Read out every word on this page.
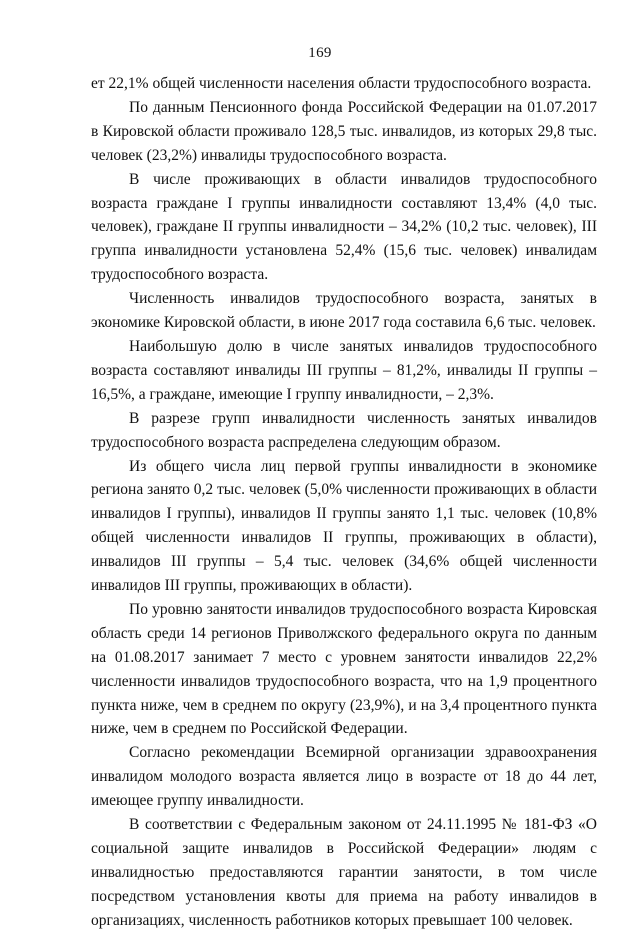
169

ет 22,1% общей численности населения области трудоспособного возраста.

По данным Пенсионного фонда Российской Федерации на 01.07.2017 в Кировской области проживало 128,5 тыс. инвалидов, из которых 29,8 тыс. человек (23,2%) инвалиды трудоспособного возраста.

В числе проживающих в области инвалидов трудоспособного возраста граждане I группы инвалидности составляют 13,4% (4,0 тыс. человек), граждане II группы инвалидности – 34,2% (10,2 тыс. человек), III группа инвалидности установлена 52,4% (15,6 тыс. человек) инвалидам трудоспособного возраста.

Численность инвалидов трудоспособного возраста, занятых в экономике Кировской области, в июне 2017 года составила 6,6 тыс. человек.

Наибольшую долю в числе занятых инвалидов трудоспособного возраста составляют инвалиды III группы – 81,2%, инвалиды II группы – 16,5%, а граждане, имеющие I группу инвалидности, – 2,3%.

В разрезе групп инвалидности численность занятых инвалидов трудоспособного возраста распределена следующим образом.

Из общего числа лиц первой группы инвалидности в экономике региона занято 0,2 тыс. человек (5,0% численности проживающих в области инвалидов I группы), инвалидов II группы занято 1,1 тыс. человек (10,8% общей численности инвалидов II группы, проживающих в области), инвалидов III группы – 5,4 тыс. человек (34,6% общей численности инвалидов III группы, проживающих в области).

По уровню занятости инвалидов трудоспособного возраста Кировская область среди 14 регионов Приволжского федерального округа по данным на 01.08.2017 занимает 7 место с уровнем занятости инвалидов 22,2% численности инвалидов трудоспособного возраста, что на 1,9 процентного пункта ниже, чем в среднем по округу (23,9%), и на 3,4 процентного пункта ниже, чем в среднем по Российской Федерации.

Согласно рекомендации Всемирной организации здравоохранения инвалидом молодого возраста является лицо в возрасте от 18 до 44 лет, имеющее группу инвалидности.

В соответствии с Федеральным законом от 24.11.1995 № 181-ФЗ «О социальной защите инвалидов в Российской Федерации» людям с инвалидностью предоставляются гарантии занятости, в том числе посредством установления квоты для приема на работу инвалидов в организациях, численность работников которых превышает 100 человек.
